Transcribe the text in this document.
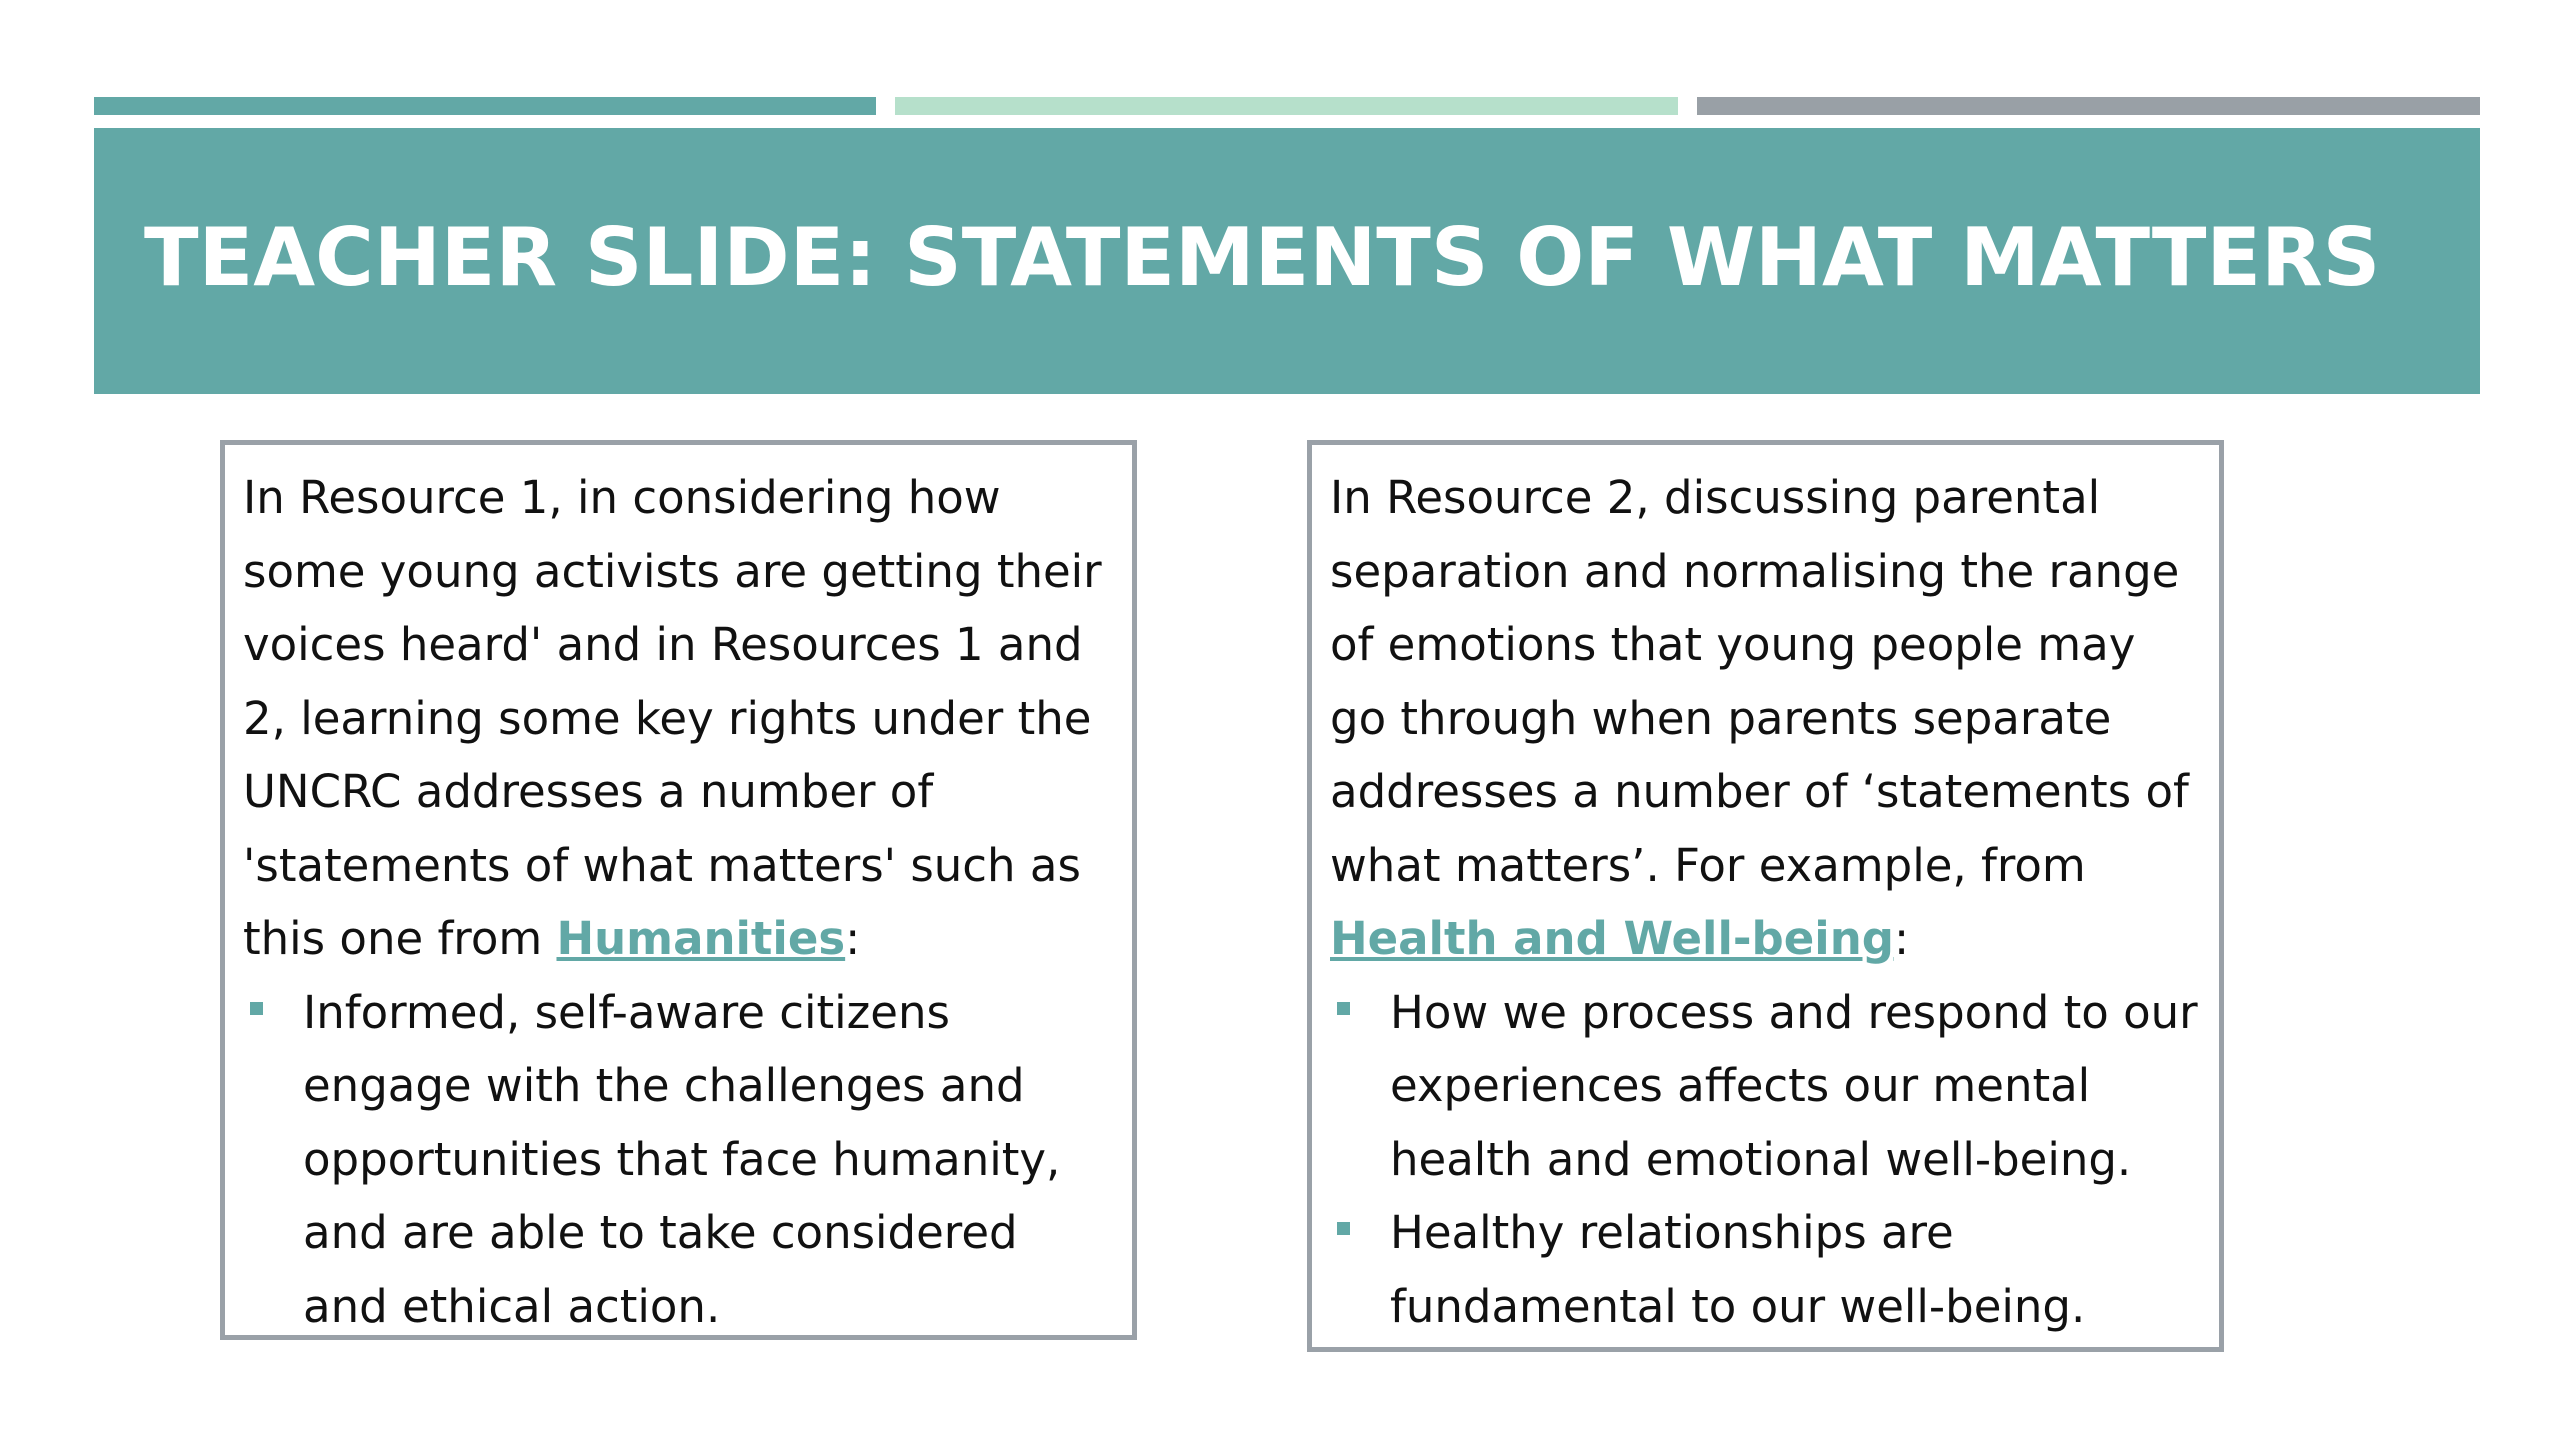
TEACHER SLIDE: STATEMENTS OF WHAT MATTERS

In Resource 1, in considering how some young activists are getting their voices heard' and in Resources 1 and 2, learning some key rights under the UNCRC addresses a number of 'statements of what matters' such as this one from Humanities:

Informed, self-aware citizens engage with the challenges and opportunities that face humanity, and are able to take considered and ethical action.

In Resource 2, discussing parental separation and normalising the range of emotions that young people may go through when parents separate addresses a number of ‘statements of what matters’. For example, from Health and Well-being:

How we process and respond to our experiences affects our mental health and emotional well-being.
Healthy relationships are fundamental to our well-being.
